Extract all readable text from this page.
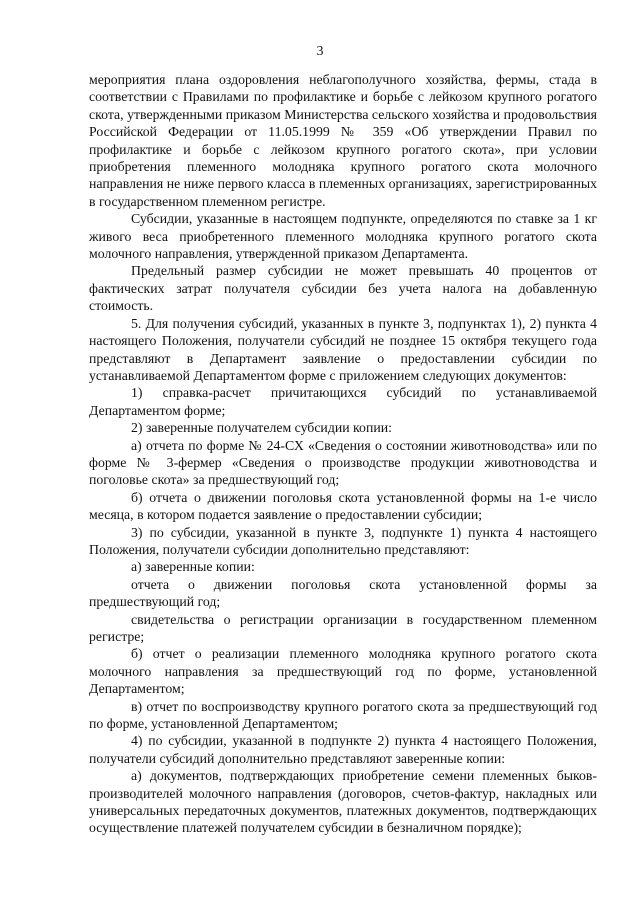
3

мероприятия плана оздоровления неблагополучного хозяйства, фермы, стада в соответствии с Правилами по профилактике и борьбе с лейкозом крупного рогатого скота, утвержденными приказом Министерства сельского хозяйства и продовольствия Российской Федерации от 11.05.1999 № 359 «Об утверждении Правил по профилактике и борьбе с лейкозом крупного рогатого скота», при условии приобретения племенного молодняка крупного рогатого скота молочного направления не ниже первого класса в племенных организациях, зарегистрированных в государственном племенном регистре.

Субсидии, указанные в настоящем подпункте, определяются по ставке за 1 кг живого веса приобретенного племенного молодняка крупного рогатого скота молочного направления, утвержденной приказом Департамента.

Предельный размер субсидии не может превышать 40 процентов от фактических затрат получателя субсидии без учета налога на добавленную стоимость.

5. Для получения субсидий, указанных в пункте 3, подпунктах 1), 2) пункта 4 настоящего Положения, получатели субсидий не позднее 15 октября текущего года представляют в Департамент заявление о предоставлении субсидии по устанавливаемой Департаментом форме с приложением следующих документов:

1) справка-расчет причитающихся субсидий по устанавливаемой Департаментом форме;

2) заверенные получателем субсидии копии:

а) отчета по форме № 24-СХ «Сведения о состоянии животноводства» или по форме № 3-фермер «Сведения о производстве продукции животноводства и поголовье скота» за предшествующий год;

б) отчета о движении поголовья скота установленной формы на 1-е число месяца, в котором подается заявление о предоставлении субсидии;

3) по субсидии, указанной в пункте 3, подпункте 1) пункта 4 настоящего Положения, получатели субсидии дополнительно представляют:

а) заверенные копии:

отчета о движении поголовья скота установленной формы за предшествующий год;

свидетельства о регистрации организации в государственном племенном регистре;

б) отчет о реализации племенного молодняка крупного рогатого скота молочного направления за предшествующий год по форме, установленной Департаментом;

в) отчет по воспроизводству крупного рогатого скота за предшествующий год по форме, установленной Департаментом;

4) по субсидии, указанной в подпункте 2) пункта 4 настоящего Положения, получатели субсидий дополнительно представляют заверенные копии:

а) документов, подтверждающих приобретение семени племенных быков-производителей молочного направления (договоров, счетов-фактур, накладных или универсальных передаточных документов, платежных документов, подтверждающих осуществление платежей получателем субсидии в безналичном порядке);
